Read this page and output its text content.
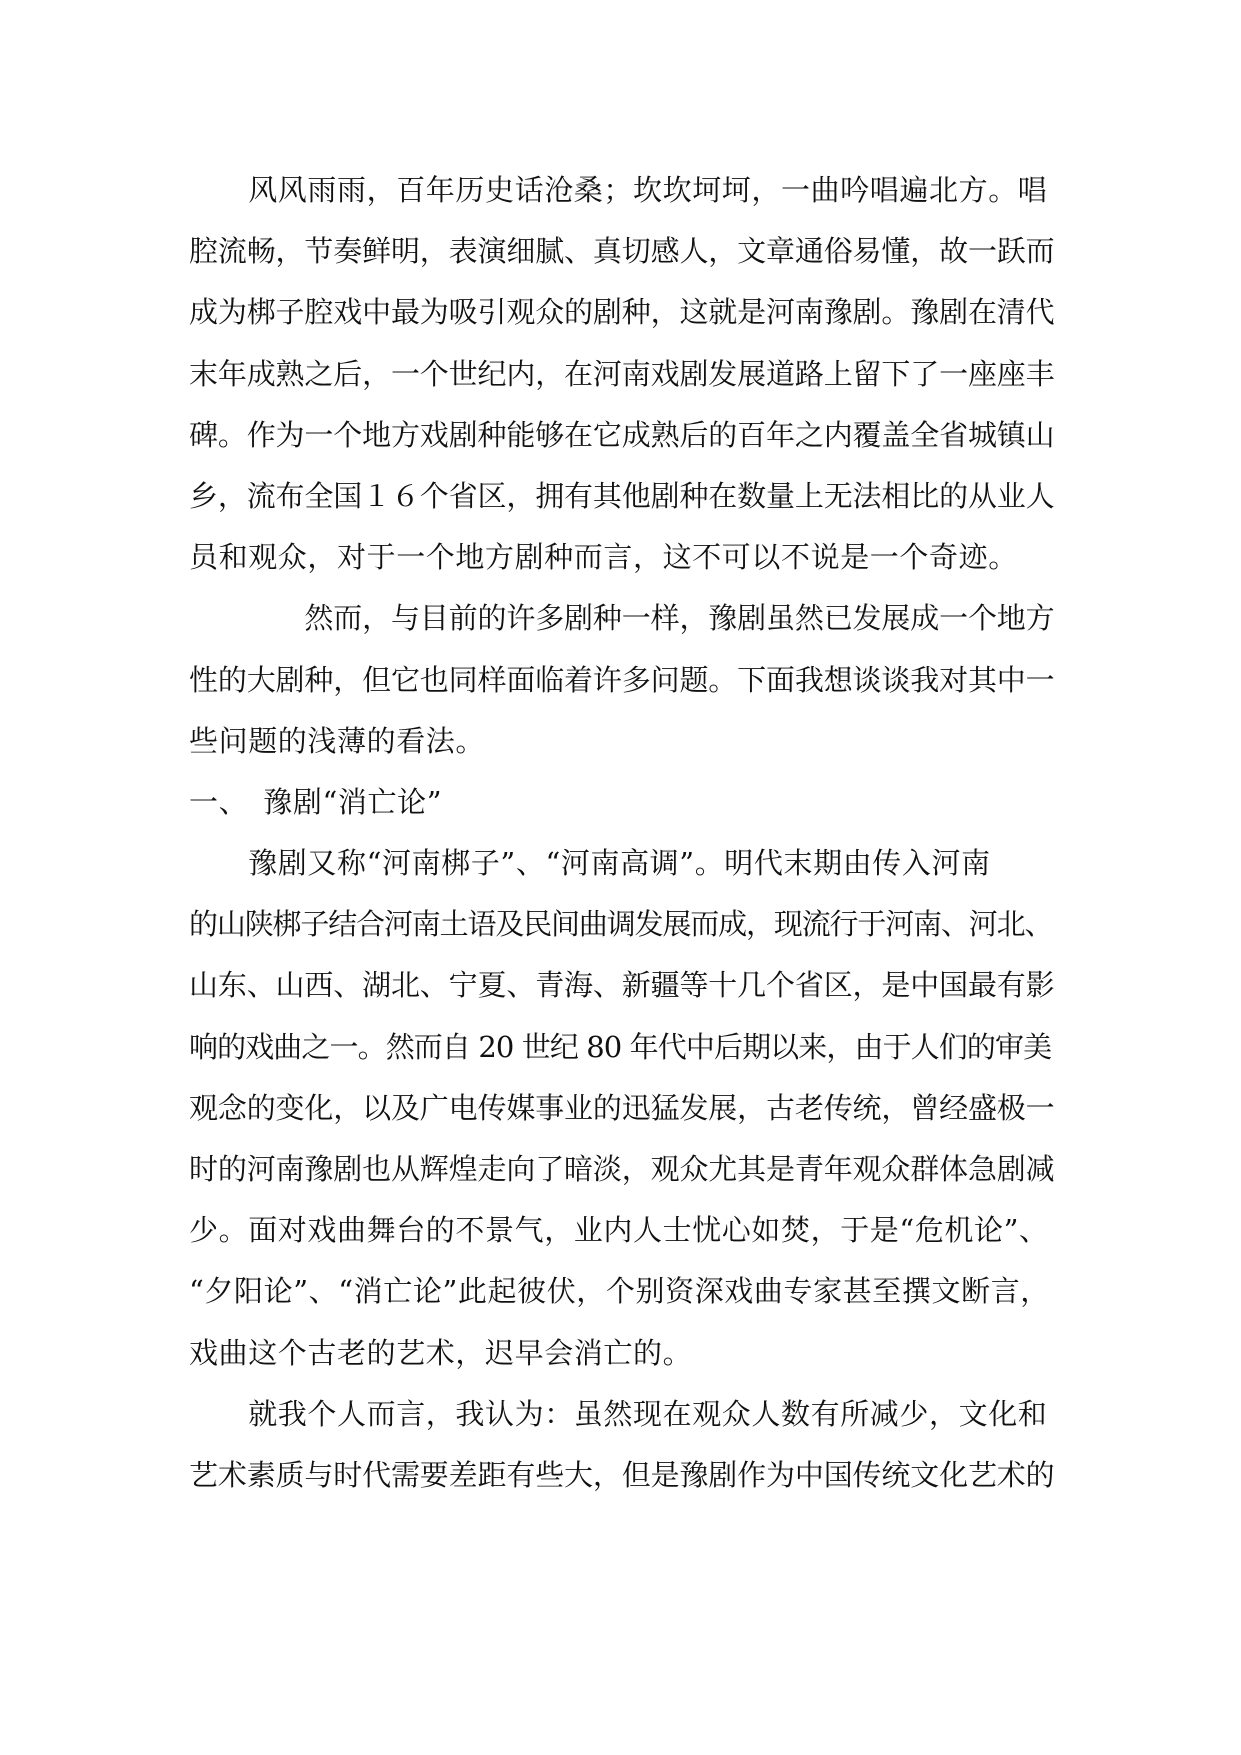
　　风风雨雨，百年历史话沧桑；坎坎坷坷，一曲吟唱遍北方。唱
腔流畅，节奏鲜明，表演细腻、真切感人，文章通俗易懂，故一跃而
成为梆子腔戏中最为吸引观众的剧种，这就是河南豫剧。豫剧在清代
末年成熟之后，一个世纪内，在河南戏剧发展道路上留下了一座座丰
碑。作为一个地方戏剧种能够在它成熟后的百年之内覆盖全省城镇山
乡，流布全国１６个省区，拥有其他剧种在数量上无法相比的从业人
员和观众，对于一个地方剧种而言，这不可以不说是一个奇迹。
　　　　然而，与目前的许多剧种一样，豫剧虽然已发展成一个地方
性的大剧种，但它也同样面临着许多问题。下面我想谈谈我对其中一
些问题的浅薄的看法。
一、　豫剧“消亡论”
　　豫剧又称“河南梆子”、“河南高调”。明代末期由传入河南
的山陕梆子结合河南土语及民间曲调发展而成，现流行于河南、河北、
山东、山西、湖北、宁夏、青海、新疆等十几个省区，是中国最有影
响的戏曲之一。然而自 20 世纪 80 年代中后期以来，由于人们的审美
观念的变化，以及广电传媒事业的迅猛发展，古老传统，曾经盛极一
时的河南豫剧也从辉煌走向了暗淡，观众尤其是青年观众群体急剧减
少。面对戏曲舞台的不景气，业内人士忧心如焚，于是“危机论”、
“夕阳论”、“消亡论”此起彼伏，个别资深戏曲专家甚至撰文断言，
戏曲这个古老的艺术，迟早会消亡的。
　　就我个人而言，我认为：虽然现在观众人数有所减少，文化和
艺术素质与时代需要差距有些大，但是豫剧作为中国传统文化艺术的
